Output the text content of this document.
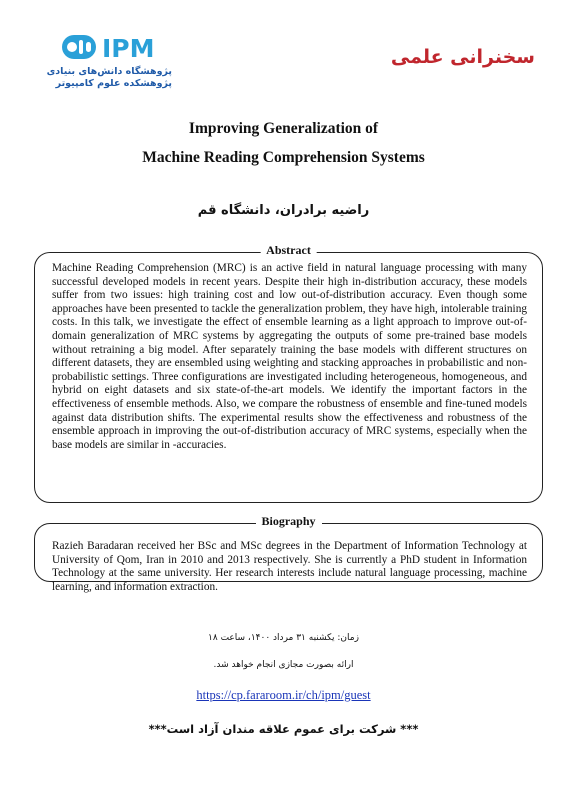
IPM
پژوهشگاه دانش‌های بنیادی
پژوهشکده علوم کامپیوتر
سخنرانی علمی
Improving Generalization of
Machine Reading Comprehension Systems
راضیه برادران، دانشگاه قم
Abstract
Machine Reading Comprehension (MRC) is an active field in natural language processing with many successful developed models in recent years. Despite their high in-distribution accuracy, these models suffer from two issues: high training cost and low out-of-distribution accuracy. Even though some approaches have been presented to tackle the generalization problem, they have high, intolerable training costs. In this talk, we investigate the effect of ensemble learning as a light approach to improve out-of-domain generalization of MRC systems by aggregating the outputs of some pre-trained base models without retraining a big model. After separately training the base models with different structures on different datasets, they are ensembled using weighting and stacking approaches in probabilistic and non-probabilistic settings. Three configurations are investigated including heterogeneous, homogeneous, and hybrid on eight datasets and six state-of-the-art models. We identify the important factors in the effectiveness of ensemble methods. Also, we compare the robustness of ensemble and fine-tuned models against data distribution shifts. The experimental results show the effectiveness and robustness of the ensemble approach in improving the out-of-distribution accuracy of MRC systems, especially when the base models are similar in -accuracies.
Biography
Razieh Baradaran received her BSc and MSc degrees in the Department of Information Technology at University of Qom, Iran in 2010 and 2013 respectively. She is currently a PhD student in Information Technology at the same university. Her research interests include natural language processing, machine learning, and information extraction.
زمان: یکشنبه ۳۱ مرداد ۱۴۰۰، ساعت ۱۸
ارائه بصورت مجازی انجام خواهد شد.
https://cp.fararoom.ir/ch/ipm/guest
*** شرکت برای عموم علاقه مندان آزاد است***
